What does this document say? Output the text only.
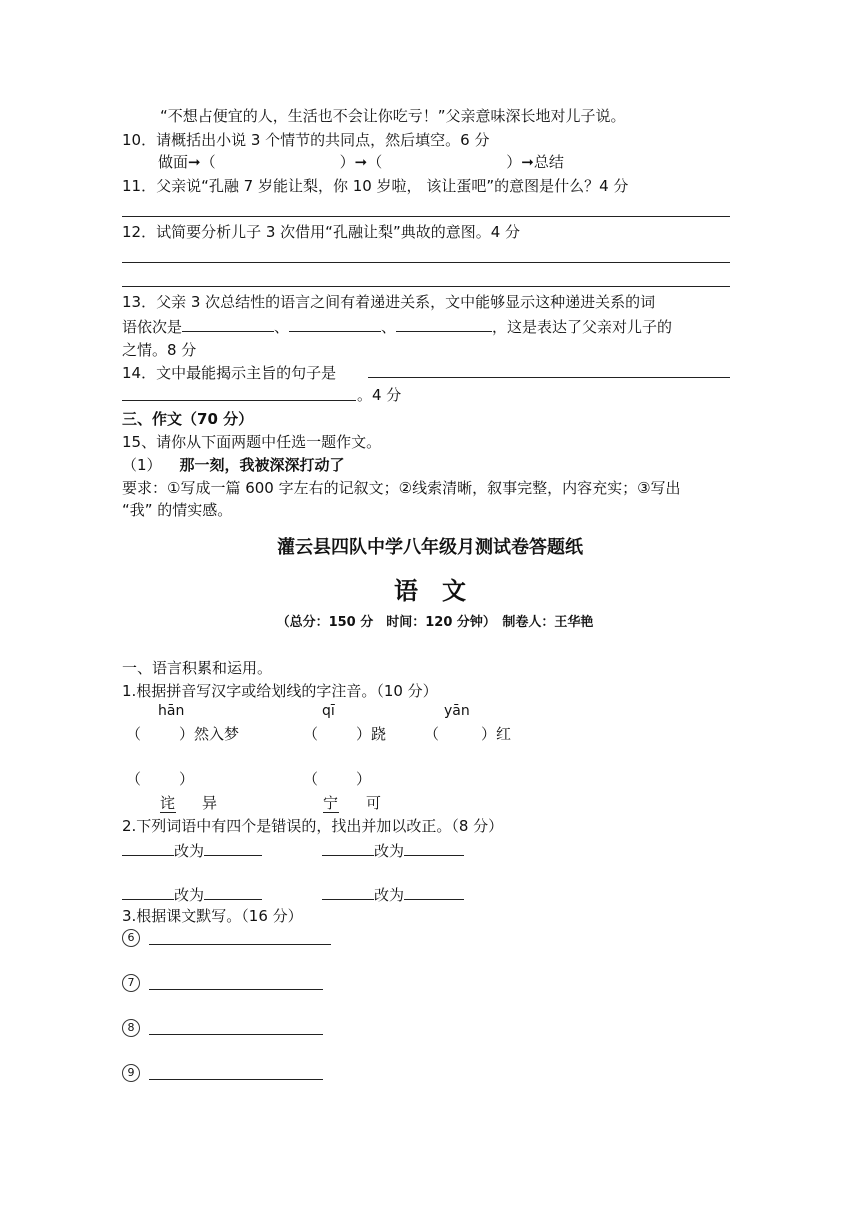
“不想占便宜的人，生活也不会让你吃亏！”父亲意味深长地对儿子说。
10．请概括出小说 3 个情节的共同点，然后填空。6 分
做面➞（	）➞（	）➞总结
11．父亲说“孔融 7 岁能让梨，你 10 岁啦， 该让蛋吧”的意图是什么？4 分
12．试简要分析儿子 3 次借用“孔融让梨”典故的意图。4 分
13．父亲 3 次总结性的语言之间有着递进关系，文中能够显示这种递进关系的词
语依次是	、	、	，这是表达了父亲对儿子的
之情。8 分
14．文中最能揭示主旨的句子是
。4 分
三、作文（70 分）
15、请你从下面两题中任选一题作文。
（1） 那一刻，我被深深打动了
要求：①写成一篇 600 字左右的记叙文；②线索清晰，叙事完整，内容充实；③写出
“我” 的情实感。
灌云县四队中学八年级月测试卷答题纸
语　文
（总分：150 分　时间：120 分钟）　制卷人：王华艳
一、语言积累和运用。
1.根据拼音写汉字或给划线的字注音。（10 分）
hān	qī	yān
（	）然入梦	（	）跷	（	）红
（	）	（	）
诧 异	宁 可
2.下列词语中有四个是错误的，找出并加以改正。（8 分）
改为	改为
改为	改为
3.根据课文默写。（16 分）
6
7
8
9
